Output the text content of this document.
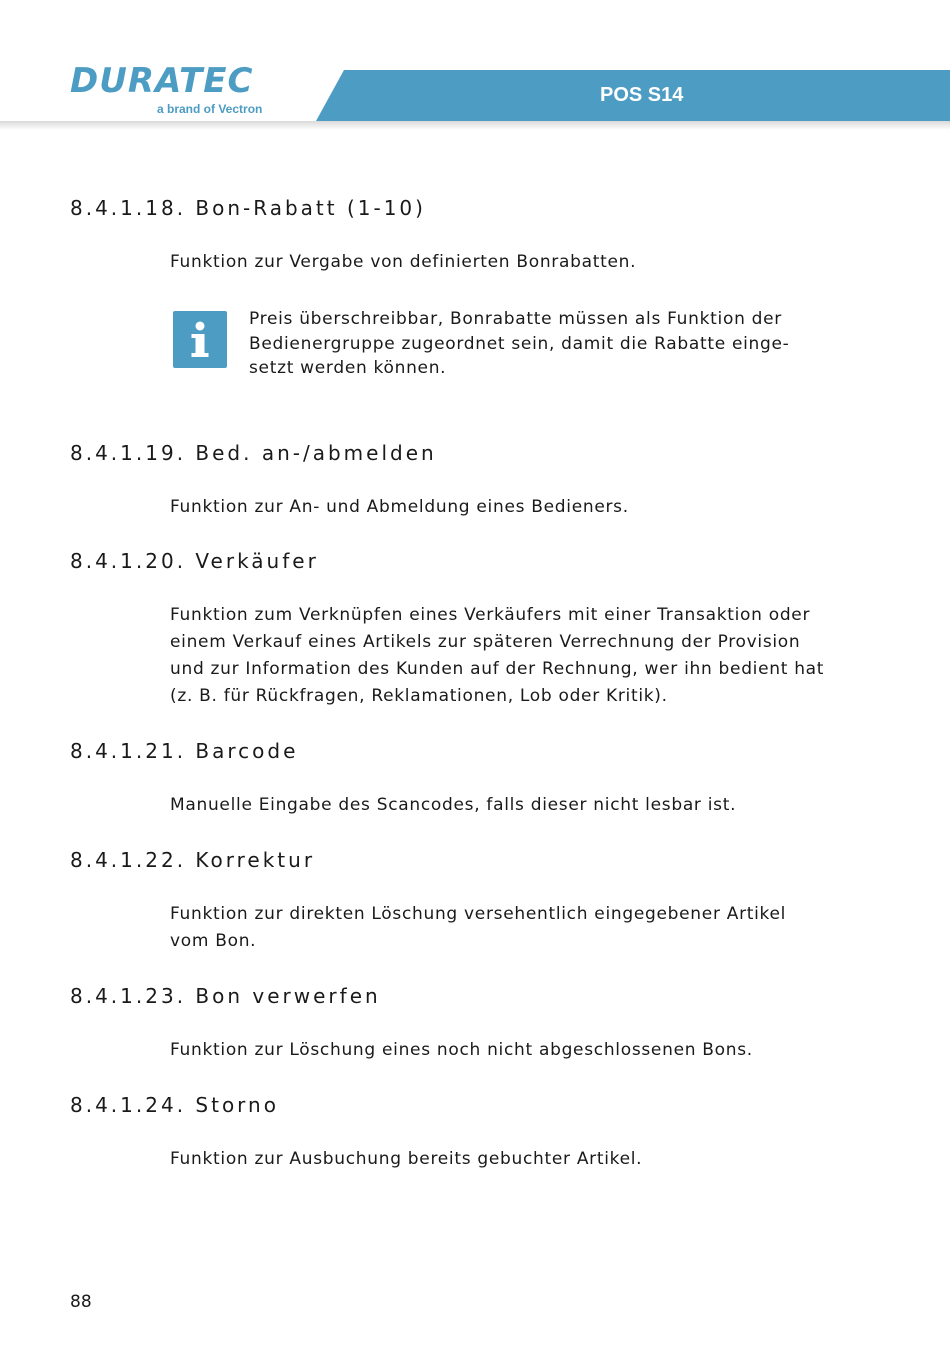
DURATEC
a brand of Vectron
POS S14
8.4.1.18. Bon-Rabatt (1-10)

Funktion zur Vergabe von definierten Bonrabatten.

Preis überschreibbar, Bonrabatte müssen als Funktion der Bedienergruppe zugeordnet sein, damit die Rabatte einge-setzt werden können.

8.4.1.19. Bed. an-/abmelden

Funktion zur An- und Abmeldung eines Bedieners.

8.4.1.20. Verkäufer

Funktion zum Verknüpfen eines Verkäufers mit einer Transaktion oder einem Verkauf eines Artikels zur späteren Verrechnung der Provision und zur Information des Kunden auf der Rechnung, wer ihn bedient hat (z. B. für Rückfragen, Reklamationen, Lob oder Kritik).

8.4.1.21. Barcode

Manuelle Eingabe des Scancodes, falls dieser nicht lesbar ist.

8.4.1.22. Korrektur

Funktion zur direkten Löschung versehentlich eingegebener Artikel vom Bon.

8.4.1.23. Bon verwerfen

Funktion zur Löschung eines noch nicht abgeschlossenen Bons.

8.4.1.24. Storno

Funktion zur Ausbuchung bereits gebuchter Artikel.

88
